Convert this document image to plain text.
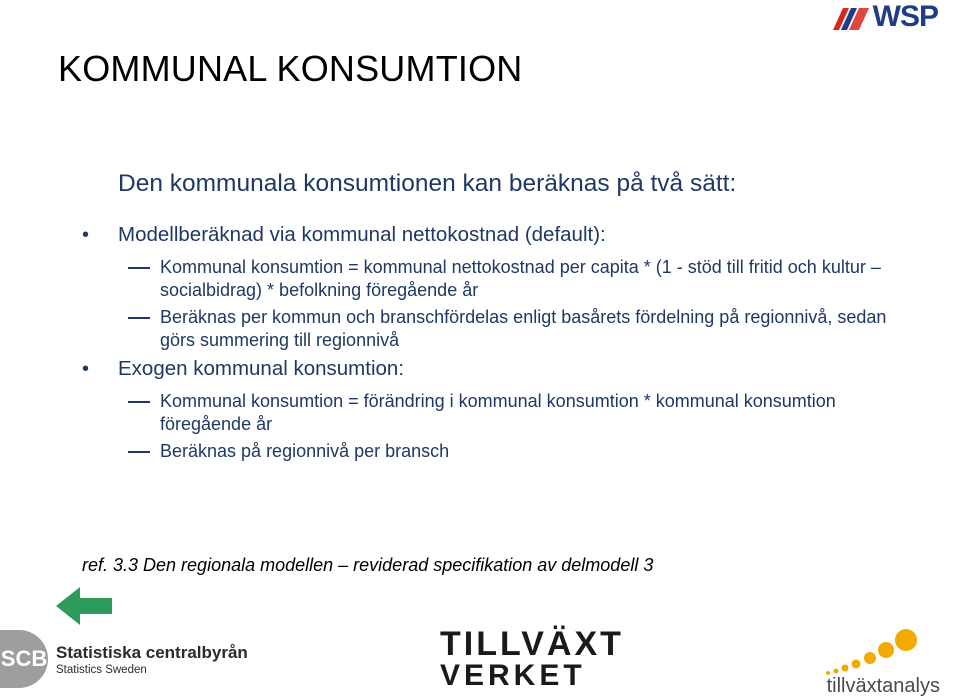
WSP
KOMMUNAL KONSUMTION
Den kommunala konsumtionen kan beräknas på två sätt:
• Modellberäknad via kommunal nettokostnad (default):
Kommunal konsumtion = kommunal nettokostnad per capita * (1 - stöd till fritid och kultur – socialbidrag) * befolkning föregående år
Beräknas per kommun och branschfördelas enligt basårets fördelning på regionnivå, sedan görs summering till regionnivå
• Exogen kommunal konsumtion:
Kommunal konsumtion = förändring i kommunal konsumtion * kommunal konsumtion föregående år
Beräknas på regionnivå per bransch
ref. 3.3 Den regionala modellen – reviderad specifikation av delmodell 3
SCB Statistiska centralbyrån
Statistics Sweden
TILLVÄXT
VERKET	tillväxtanalys
